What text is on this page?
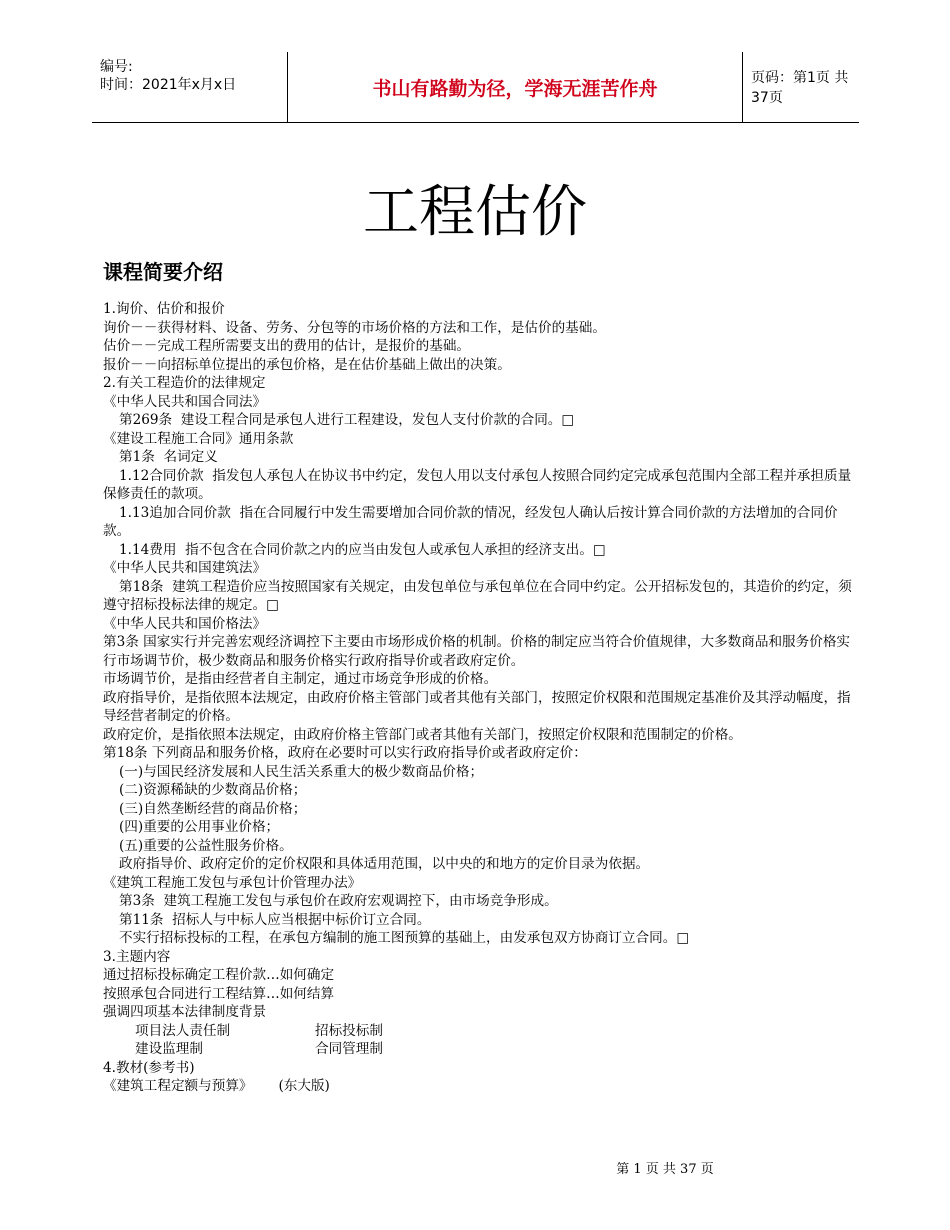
编号:
时间：2021年x月x日	书山有路勤为径，学海无涯苦作舟	页码：第1页 共37页
工程估价
课程简要介绍

1.询价、估价和报价

询价－－获得材料、设备、劳务、分包等的市场价格的方法和工作，是估价的基础。

估价－－完成工程所需要支出的费用的估计，是报价的基础。

报价－－向招标单位提出的承包价格，是在估价基础上做出的决策。

2.有关工程造价的法律规定

《中华人民共和国合同法》

第269条  建设工程合同是承包人进行工程建设，发包人支付价款的合同。□

《建设工程施工合同》通用条款

第1条  名词定义

1.12合同价款  指发包人承包人在协议书中约定，发包人用以支付承包人按照合同约定完成承包范围内全部工程并承担质量保修责任的款项。

1.13追加合同价款  指在合同履行中发生需要增加合同价款的情况，经发包人确认后按计算合同价款的方法增加的合同价款。

1.14费用  指不包含在合同价款之内的应当由发包人或承包人承担的经济支出。□

《中华人民共和国建筑法》

第18条  建筑工程造价应当按照国家有关规定，由发包单位与承包单位在合同中约定。公开招标发包的，其造价的约定，须遵守招标投标法律的规定。□

《中华人民共和国价格法》

第3条 国家实行并完善宏观经济调控下主要由市场形成价格的机制。价格的制定应当符合价值规律，大多数商品和服务价格实行市场调节价，极少数商品和服务价格实行政府指导价或者政府定价。

市场调节价，是指由经营者自主制定，通过市场竞争形成的价格。

政府指导价，是指依照本法规定，由政府价格主管部门或者其他有关部门，按照定价权限和范围规定基准价及其浮动幅度，指导经营者制定的价格。

政府定价，是指依照本法规定，由政府价格主管部门或者其他有关部门，按照定价权限和范围制定的价格。

第18条 下列商品和服务价格，政府在必要时可以实行政府指导价或者政府定价：

(一)与国民经济发展和人民生活关系重大的极少数商品价格；

(二)资源稀缺的少数商品价格；

(三)自然垄断经营的商品价格；

(四)重要的公用事业价格；

(五)重要的公益性服务价格。

政府指导价、政府定价的定价权限和具体适用范围，以中央的和地方的定价目录为依据。

《建筑工程施工发包与承包计价管理办法》

第3条  建筑工程施工发包与承包价在政府宏观调控下，由市场竞争形成。

第11条  招标人与中标人应当根据中标价订立合同。

不实行招标投标的工程，在承包方编制的施工图预算的基础上，由发承包双方协商订立合同。□

3.主题内容

通过招标投标确定工程价款…如何确定

按照承包合同进行工程结算…如何结算

强调四项基本法律制度背景

项目法人责任制	招标投标制
建设监理制	合同管理制

4.教材(参考书)

《建筑工程定额与预算》      (东大版)

第 1 页 共 37 页
